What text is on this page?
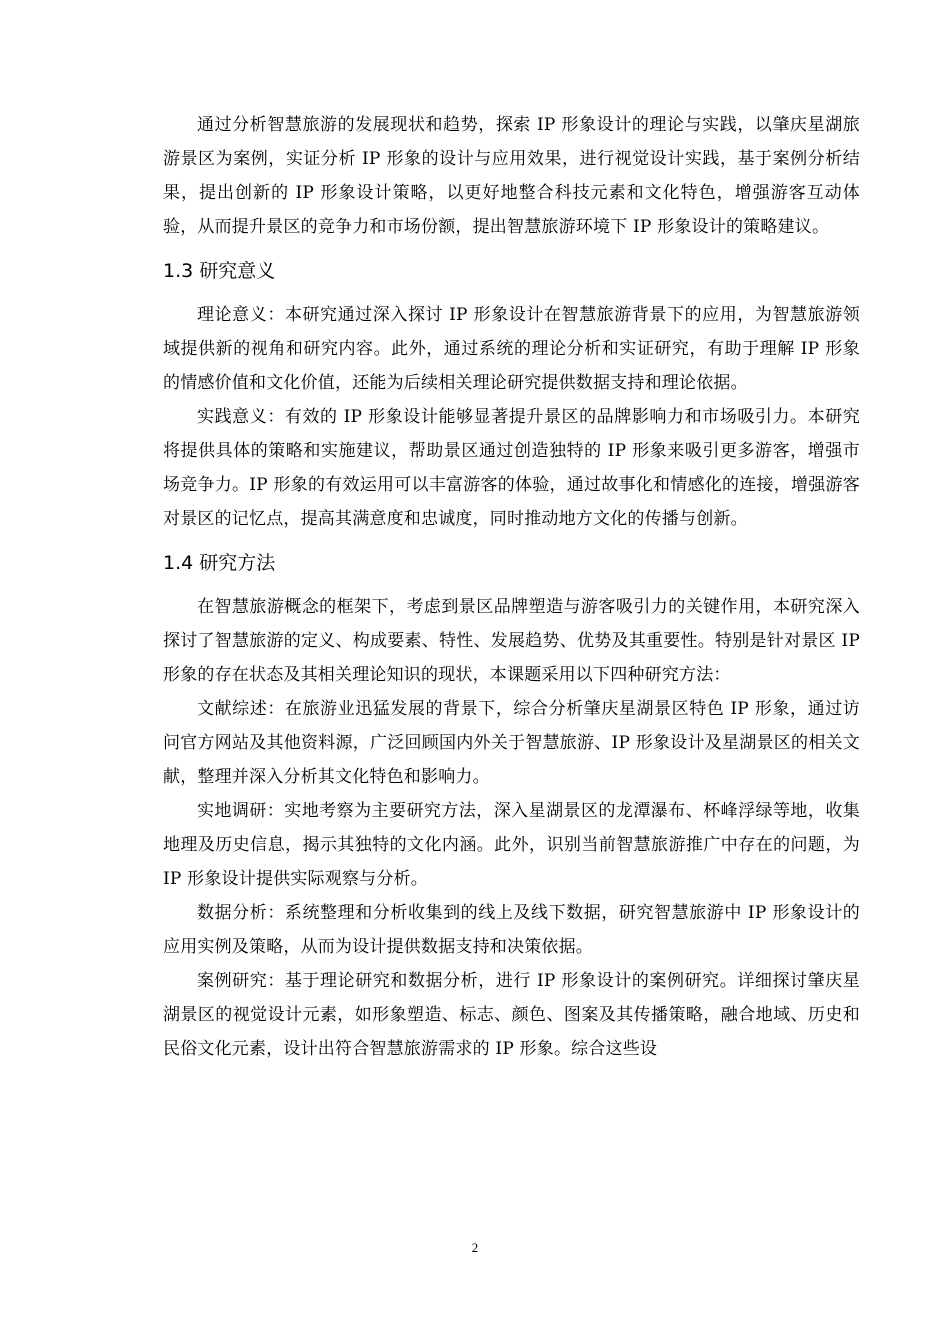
通过分析智慧旅游的发展现状和趋势，探索 IP 形象设计的理论与实践，以肇庆星湖旅游景区为案例，实证分析 IP 形象的设计与应用效果，进行视觉设计实践，基于案例分析结果，提出创新的 IP 形象设计策略，以更好地整合科技元素和文化特色，增强游客互动体验，从而提升景区的竞争力和市场份额，提出智慧旅游环境下 IP 形象设计的策略建议。

1.3 研究意义

理论意义：本研究通过深入探讨 IP 形象设计在智慧旅游背景下的应用，为智慧旅游领域提供新的视角和研究内容。此外，通过系统的理论分析和实证研究，有助于理解 IP 形象的情感价值和文化价值，还能为后续相关理论研究提供数据支持和理论依据。

实践意义：有效的 IP 形象设计能够显著提升景区的品牌影响力和市场吸引力。本研究将提供具体的策略和实施建议，帮助景区通过创造独特的 IP 形象来吸引更多游客，增强市场竞争力。IP 形象的有效运用可以丰富游客的体验，通过故事化和情感化的连接，增强游客对景区的记忆点，提高其满意度和忠诚度，同时推动地方文化的传播与创新。

1.4 研究方法

在智慧旅游概念的框架下，考虑到景区品牌塑造与游客吸引力的关键作用，本研究深入探讨了智慧旅游的定义、构成要素、特性、发展趋势、优势及其重要性。特别是针对景区 IP 形象的存在状态及其相关理论知识的现状，本课题采用以下四种研究方法：

文献综述：在旅游业迅猛发展的背景下，综合分析肇庆星湖景区特色 IP 形象，通过访问官方网站及其他资料源，广泛回顾国内外关于智慧旅游、IP 形象设计及星湖景区的相关文献，整理并深入分析其文化特色和影响力。

实地调研：实地考察为主要研究方法，深入星湖景区的龙潭瀑布、杯峰浮绿等地，收集地理及历史信息，揭示其独特的文化内涵。此外，识别当前智慧旅游推广中存在的问题，为 IP 形象设计提供实际观察与分析。

数据分析：系统整理和分析收集到的线上及线下数据，研究智慧旅游中 IP 形象设计的应用实例及策略，从而为设计提供数据支持和决策依据。

案例研究：基于理论研究和数据分析，进行 IP 形象设计的案例研究。详细探讨肇庆星湖景区的视觉设计元素，如形象塑造、标志、颜色、图案及其传播策略，融合地域、历史和民俗文化元素，设计出符合智慧旅游需求的 IP 形象。综合这些设

2
